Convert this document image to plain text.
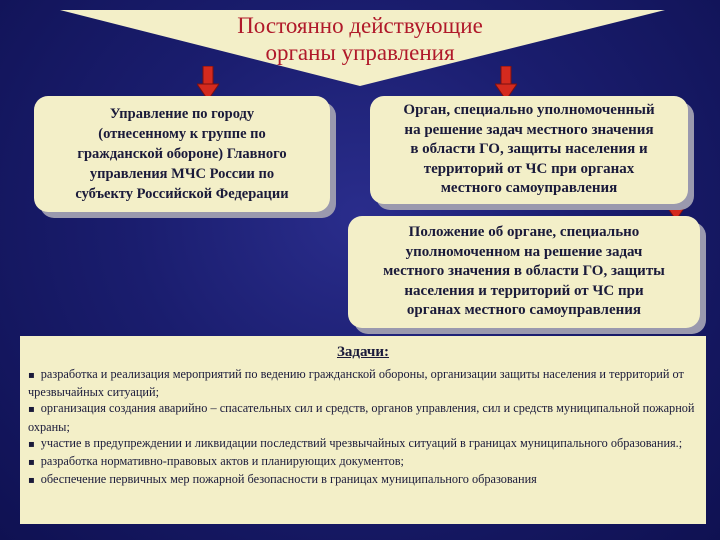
Постоянно действующие
органы управления
Управление по городу
(отнесенному к группе по
гражданской обороне) Главного
управления МЧС России по
субъекту Российской Федерации
Орган, специально уполномоченный
на решение задач местного значения
в области ГО, защиты населения и
территорий от ЧС при органах
местного самоуправления
Положение об органе, специально
уполномоченном на решение задач
местного значения в области ГО, защиты
населения и территорий от ЧС при
органах местного самоуправления
Задачи:

▪ разработка и реализация мероприятий по ведению гражданской обороны, организации защиты населения и территорий от чрезвычайных ситуаций;

▪ организация создания аварийно – спасательных сил и средств, органов управления, сил и средств муниципальной пожарной охраны;

▪ участие в предупреждении и ликвидации последствий чрезвычайных ситуаций в границах муниципального образования.;

▪ разработка нормативно-правовых актов и планирующих документов;

▪ обеспечение первичных мер пожарной безопасности в границах муниципального образования
